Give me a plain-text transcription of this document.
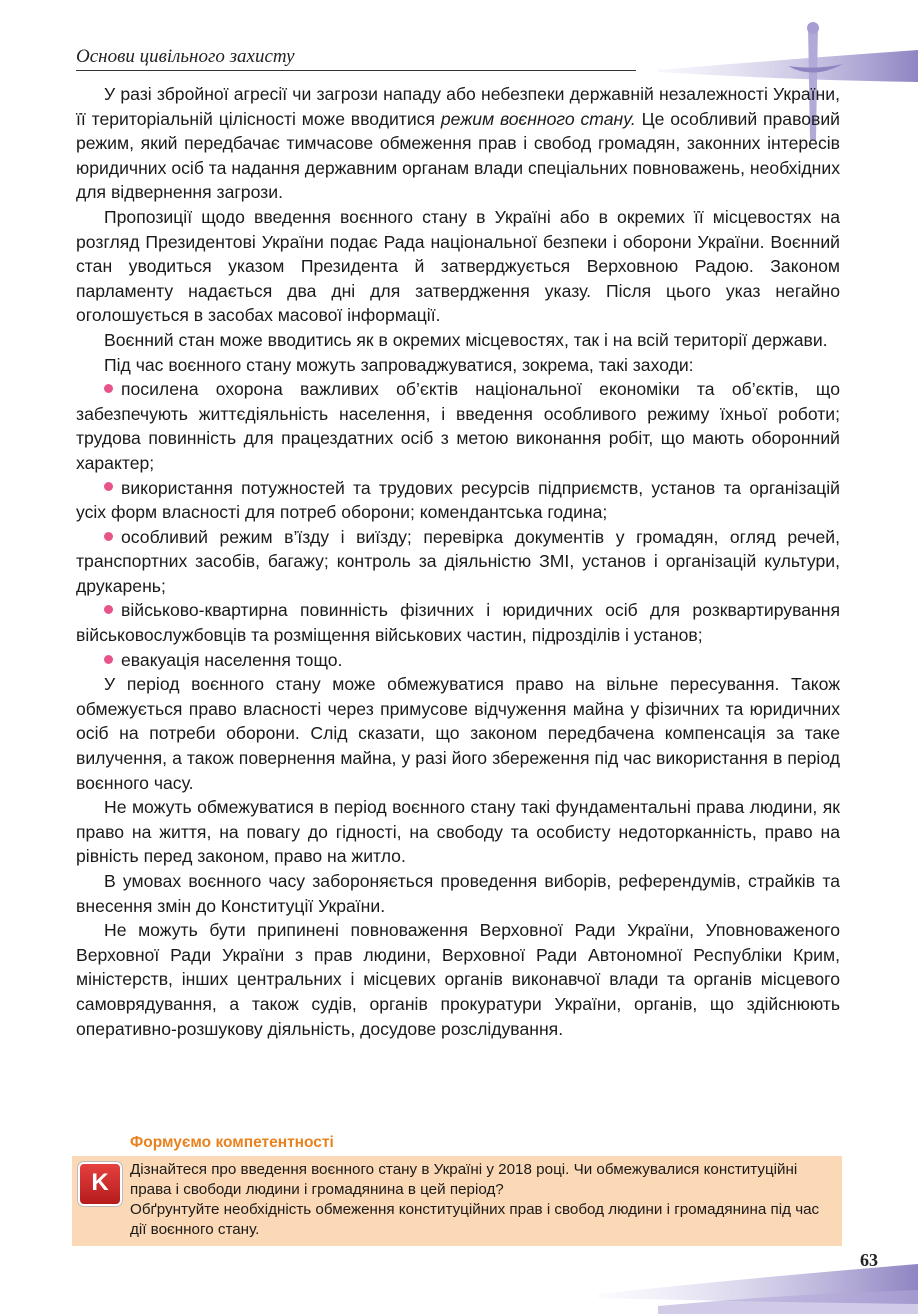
Основи цивільного захисту

У разі збройної агресії чи загрози нападу або небезпеки державній незалежності України, її територіальній цілісності може вводитися режим воєнного стану. Це особливий правовий режим, який передбачає тимчасове обмеження прав і свобод громадян, законних інтересів юридичних осіб та надання державним органам влади спеціальних повноважень, необхідних для відвернення загрози.

Пропозиції щодо введення воєнного стану в Україні або в окремих її місцевостях на розгляд Президентові України подає Рада національної безпеки і оборони України. Воєнний стан уводиться указом Президента й затверджується Верховною Радою. Законом парламенту надається два дні для затвердження указу. Після цього указ негайно оголошується в засобах масової інформації.

Воєнний стан може вводитись як в окремих місцевостях, так і на всій території держави.

Під час воєнного стану можуть запроваджуватися, зокрема, такі заходи:

посилена охорона важливих об’єктів національної економіки та об’єктів, що забезпечують життєдіяльність населення, і введення особливого режиму їхньої роботи; трудова повинність для працездатних осіб з метою виконання робіт, що мають оборонний характер;

використання потужностей та трудових ресурсів підприємств, установ та організацій усіх форм власності для потреб оборони; комендантська година;

особливий режим в’їзду і виїзду; перевірка документів у громадян, огляд речей, транспортних засобів, багажу; контроль за діяльністю ЗМІ, установ і організацій культури, друкарень;

військово-квартирна повинність фізичних і юридичних осіб для розквартирування військовослужбовців та розміщення військових частин, підрозділів і установ;

евакуація населення тощо.

У період воєнного стану може обмежуватися право на вільне пересування. Також обмежується право власності через примусове відчуження майна у фізичних та юридичних осіб на потреби оборони. Слід сказати, що законом передбачена компенсація за таке вилучення, а також повернення майна, у разі його збереження під час використання в період воєнного часу.

Не можуть обмежуватися в період воєнного стану такі фундаментальні права людини, як право на життя, на повагу до гідності, на свободу та особисту недоторканність, право на рівність перед законом, право на житло.

В умовах воєнного часу забороняється проведення виборів, референдумів, страйків та внесення змін до Конституції України.

Не можуть бути припинені повноваження Верховної Ради України, Уповноваженого Верховної Ради України з прав людини, Верховної Ради Автономної Республіки Крим, міністерств, інших центральних і місцевих органів виконавчої влади та органів місцевого самоврядування, а також судів, органів прокуратури України, органів, що здійснюють оперативно-розшукову діяльність, досудове розслідування.

Формуємо компетентності
K	Дізнайтеся про введення воєнного стану в Україні у 2018 році. Чи обмежувалися конституційні права і свободи людини і громадянина в цей період?

Обґрунтуйте необхідність обмеження конституційних прав і свобод людини і громадянина під час дії воєнного стану.

63
